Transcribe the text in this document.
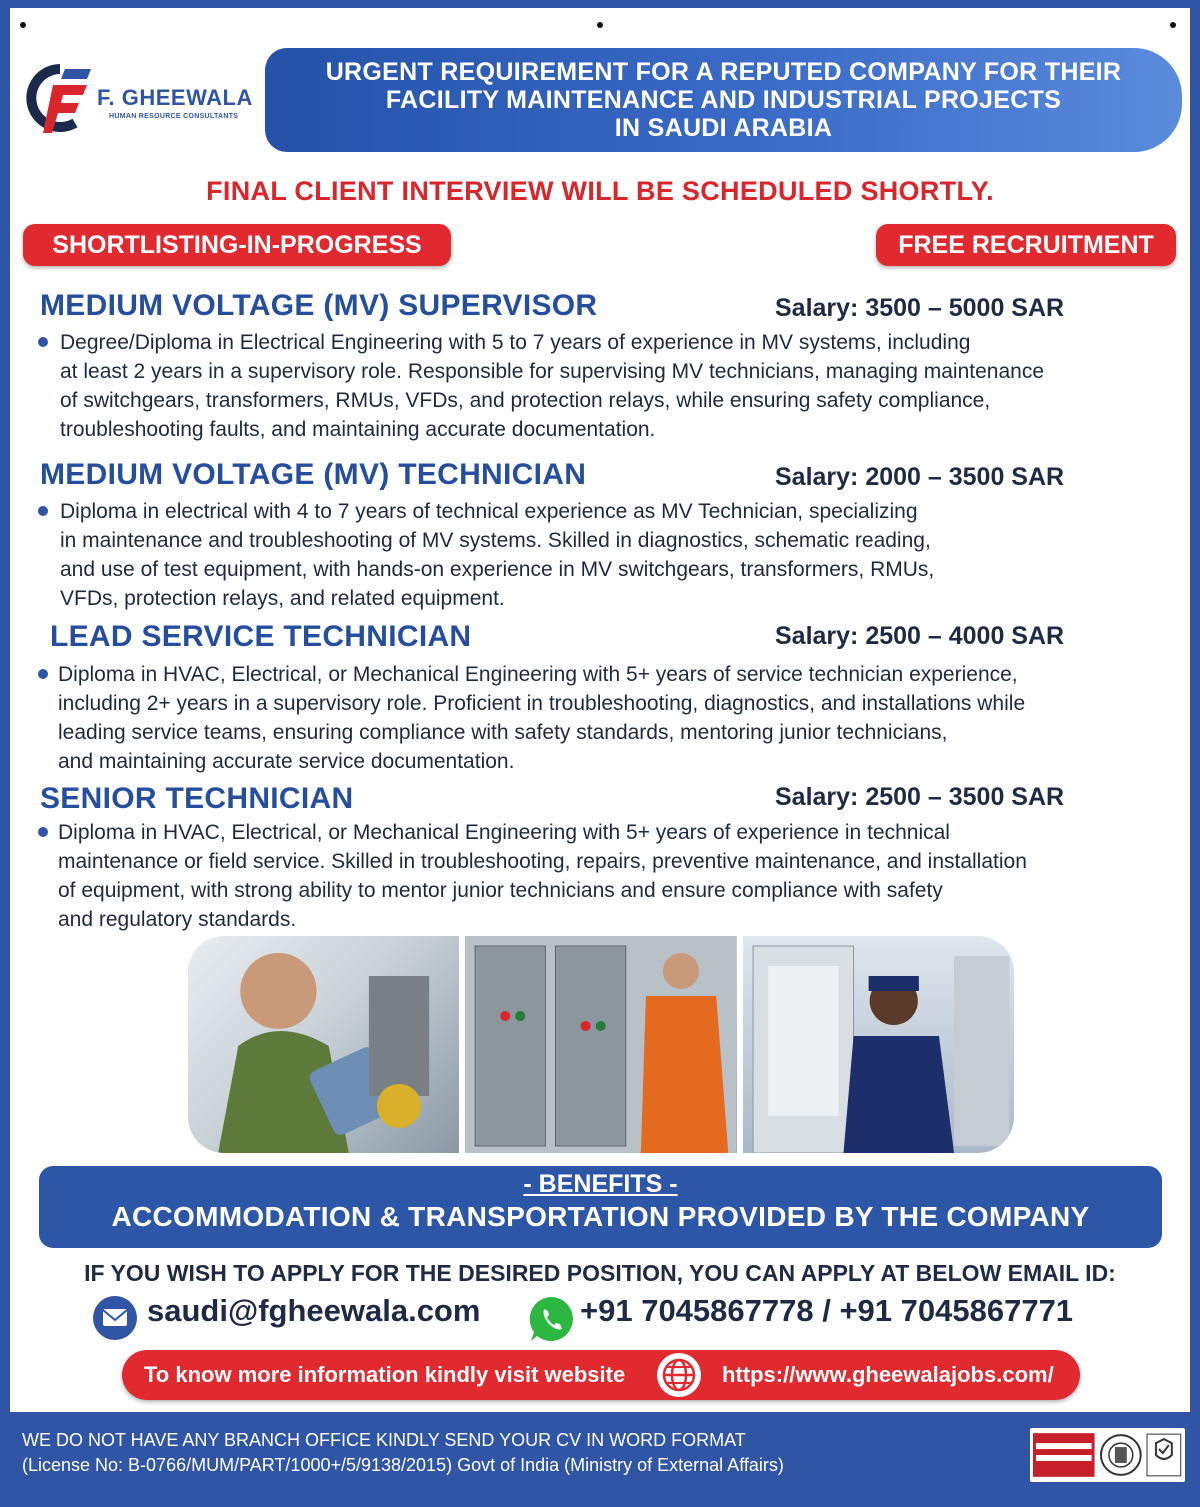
F. GHEEWALA
HUMAN RESOURCE CONSULTANTS
URGENT REQUIREMENT FOR A REPUTED COMPANY FOR THEIR
FACILITY MAINTENANCE AND INDUSTRIAL PROJECTS
IN SAUDI ARABIA
FINAL CLIENT INTERVIEW WILL BE SCHEDULED SHORTLY.
SHORTLISTING-IN-PROGRESS	FREE RECRUITMENT
MEDIUM VOLTAGE (MV) SUPERVISOR	Salary: 3500 – 5000 SAR
Degree/Diploma in Electrical Engineering with 5 to 7 years of experience in MV systems, including
at least 2 years in a supervisory role. Responsible for supervising MV technicians, managing maintenance
of switchgears, transformers, RMUs, VFDs, and protection relays, while ensuring safety compliance,
troubleshooting faults, and maintaining accurate documentation.
MEDIUM VOLTAGE (MV) TECHNICIAN	Salary: 2000 – 3500 SAR
Diploma in electrical with 4 to 7 years of technical experience as MV Technician, specializing
in maintenance and troubleshooting of MV systems. Skilled in diagnostics, schematic reading,
and use of test equipment, with hands-on experience in MV switchgears, transformers, RMUs,
VFDs, protection relays, and related equipment.
LEAD SERVICE TECHNICIAN	Salary: 2500 – 4000 SAR
Diploma in HVAC, Electrical, or Mechanical Engineering with 5+ years of service technician experience,
including 2+ years in a supervisory role. Proficient in troubleshooting, diagnostics, and installations while
leading service teams, ensuring compliance with safety standards, mentoring junior technicians,
and maintaining accurate service documentation.
SENIOR TECHNICIAN	Salary: 2500 – 3500 SAR
Diploma in HVAC, Electrical, or Mechanical Engineering with 5+ years of experience in technical
maintenance or field service. Skilled in troubleshooting, repairs, preventive maintenance, and installation
of equipment, with strong ability to mentor junior technicians and ensure compliance with safety
and regulatory standards.
- BENEFITS -
ACCOMMODATION & TRANSPORTATION PROVIDED BY THE COMPANY
IF YOU WISH TO APPLY FOR THE DESIRED POSITION, YOU CAN APPLY AT BELOW EMAIL ID:
saudi@fgheewala.com	+91 7045867778 / +91 7045867771
To know more information kindly visit website	https://www.gheewalajobs.com/
WE DO NOT HAVE ANY BRANCH OFFICE KINDLY SEND YOUR CV IN WORD FORMAT
(License No: B-0766/MUM/PART/1000+/5/9138/2015) Govt of India (Ministry of External Affairs)
